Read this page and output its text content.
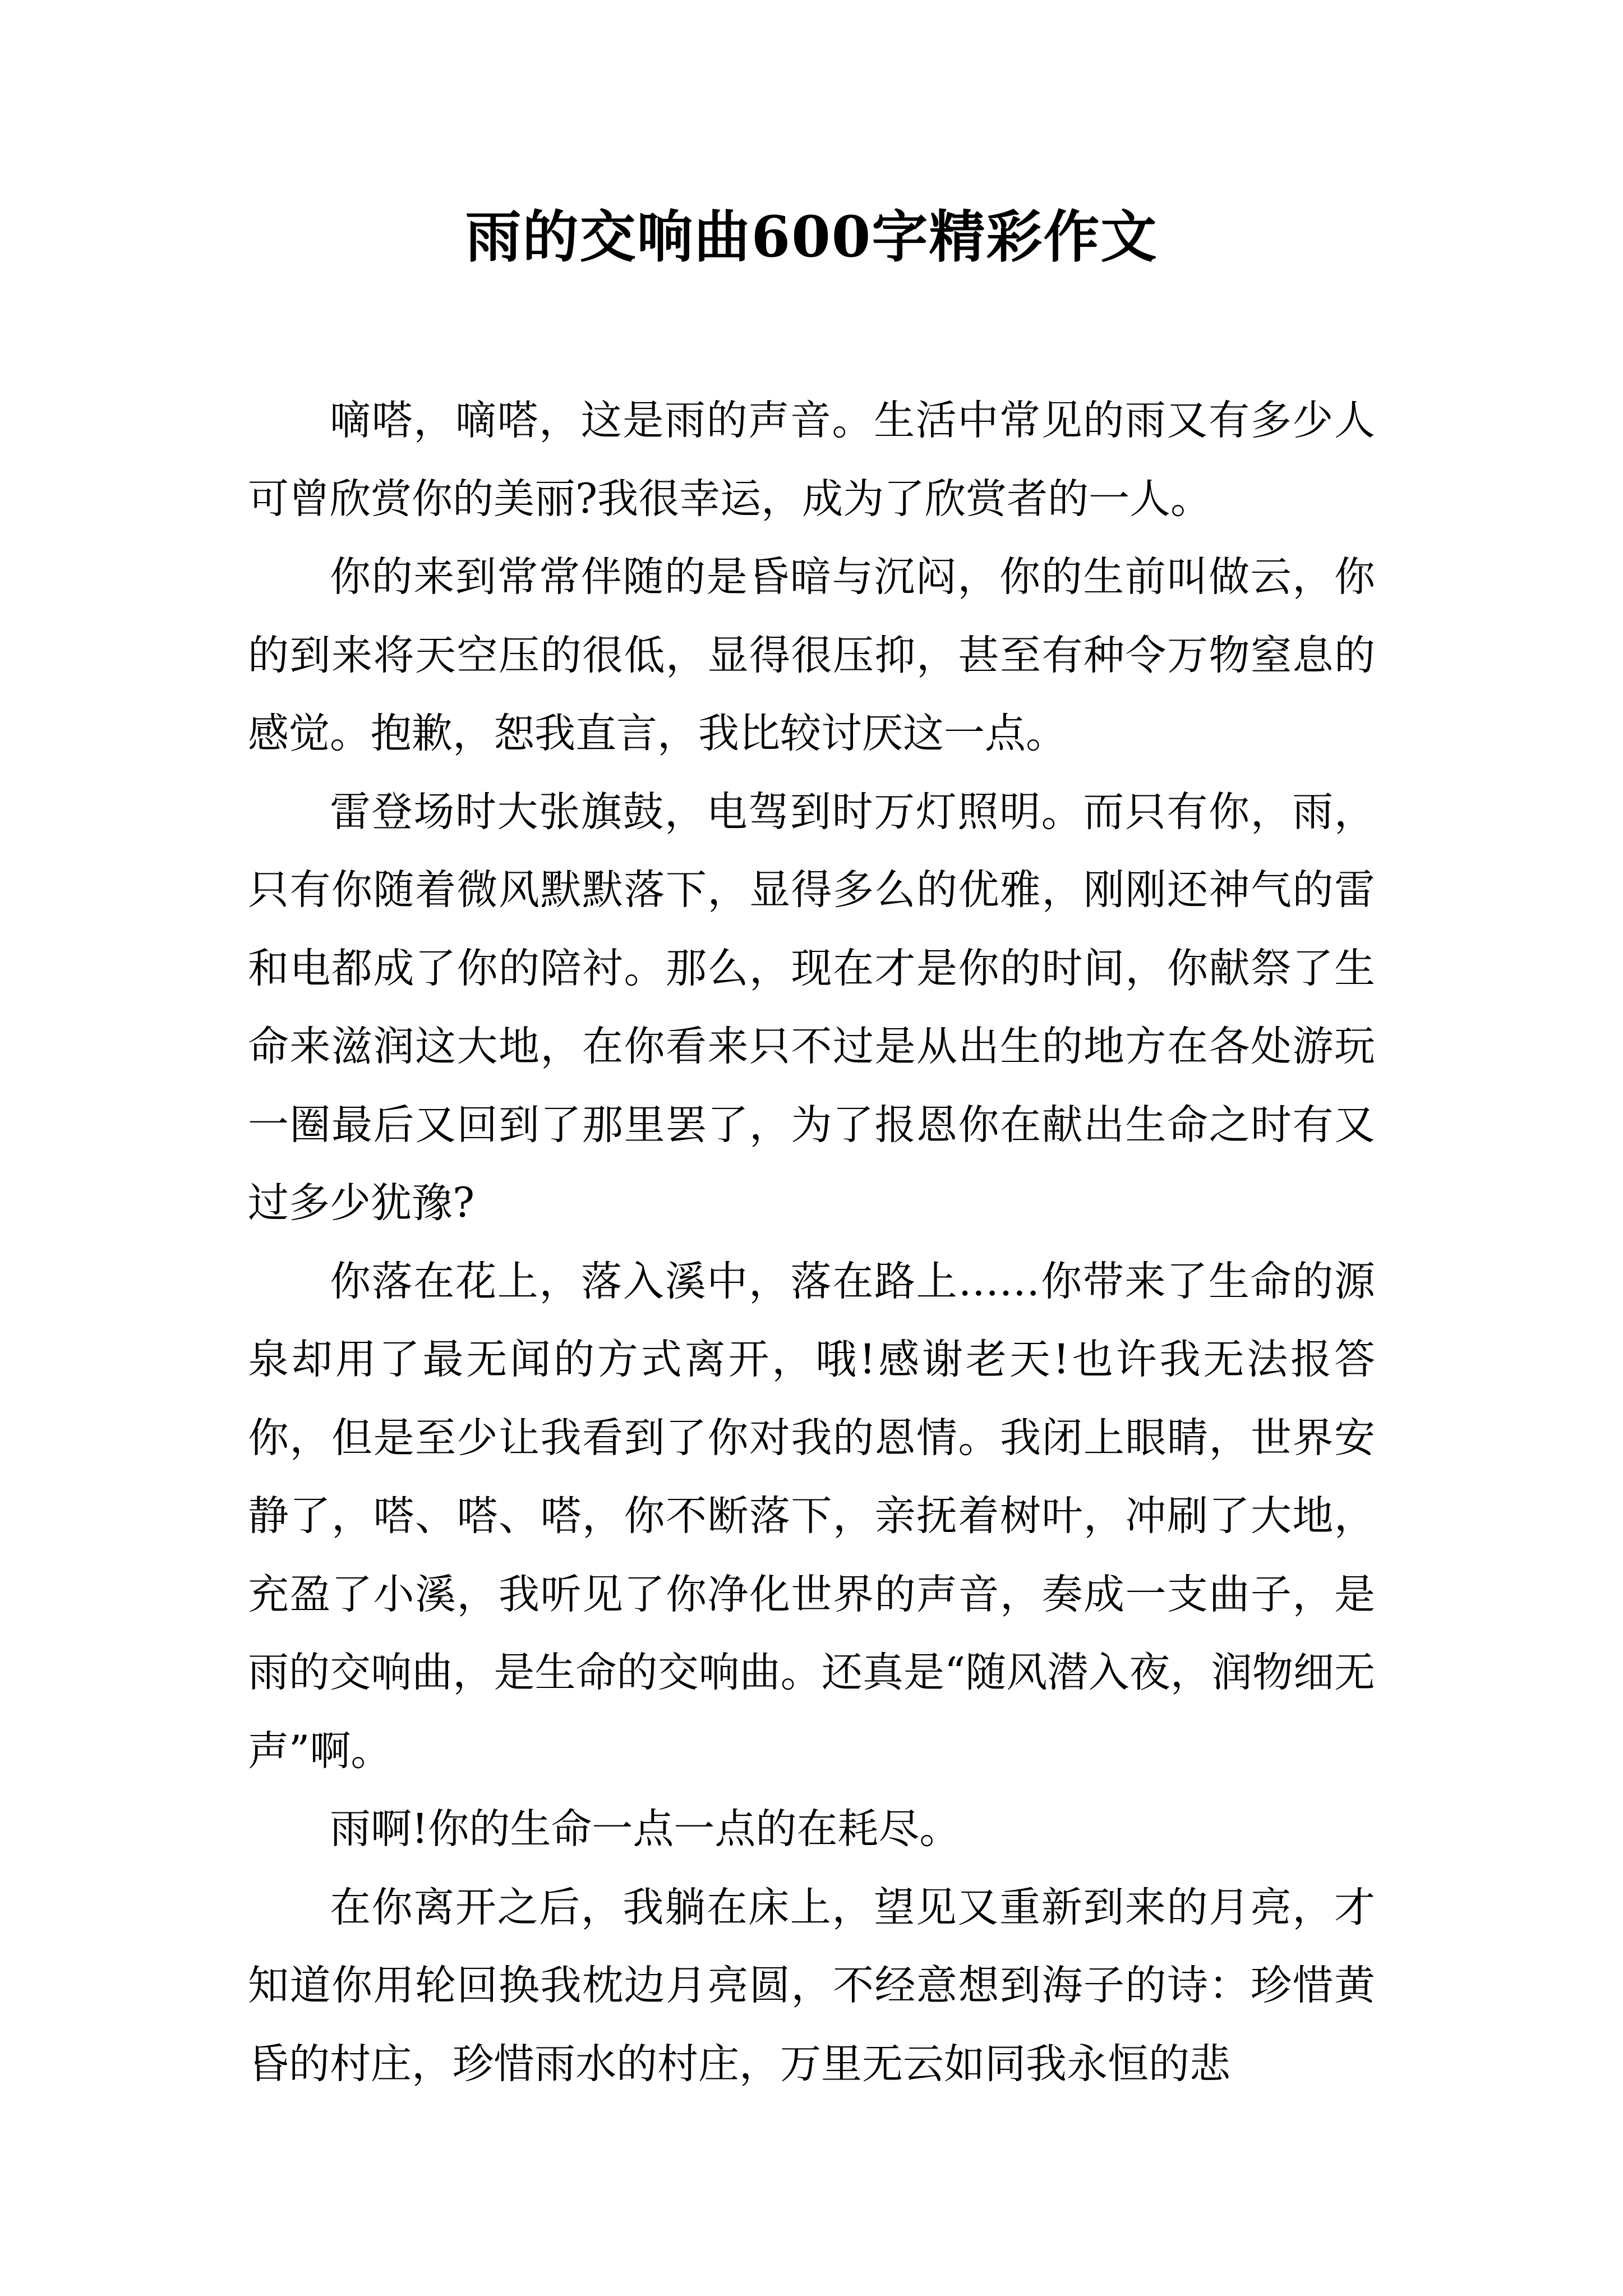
雨的交响曲600字精彩作文

嘀嗒，嘀嗒，这是雨的声音。生活中常见的雨又有多少人可曾欣赏你的美丽?我很幸运，成为了欣赏者的一人。

你的来到常常伴随的是昏暗与沉闷，你的生前叫做云，你的到来将天空压的很低，显得很压抑，甚至有种令万物窒息的感觉。抱歉，恕我直言，我比较讨厌这一点。

雷登场时大张旗鼓，电驾到时万灯照明。而只有你，雨，只有你随着微风默默落下，显得多么的优雅，刚刚还神气的雷和电都成了你的陪衬。那么，现在才是你的时间，你献祭了生命来滋润这大地，在你看来只不过是从出生的地方在各处游玩一圈最后又回到了那里罢了，为了报恩你在献出生命之时有又过多少犹豫?

你落在花上，落入溪中，落在路上……你带来了生命的源泉却用了最无闻的方式离开，哦!感谢老天!也许我无法报答你，但是至少让我看到了你对我的恩情。我闭上眼睛，世界安静了，嗒、嗒、嗒，你不断落下，亲抚着树叶，冲刷了大地，充盈了小溪，我听见了你净化世界的声音，奏成一支曲子，是雨的交响曲，是生命的交响曲。还真是“随风潜入夜，润物细无声”啊。

雨啊!你的生命一点一点的在耗尽。

在你离开之后，我躺在床上，望见又重新到来的月亮，才知道你用轮回换我枕边月亮圆，不经意想到海子的诗：珍惜黄昏的村庄，珍惜雨水的村庄，万里无云如同我永恒的悲
